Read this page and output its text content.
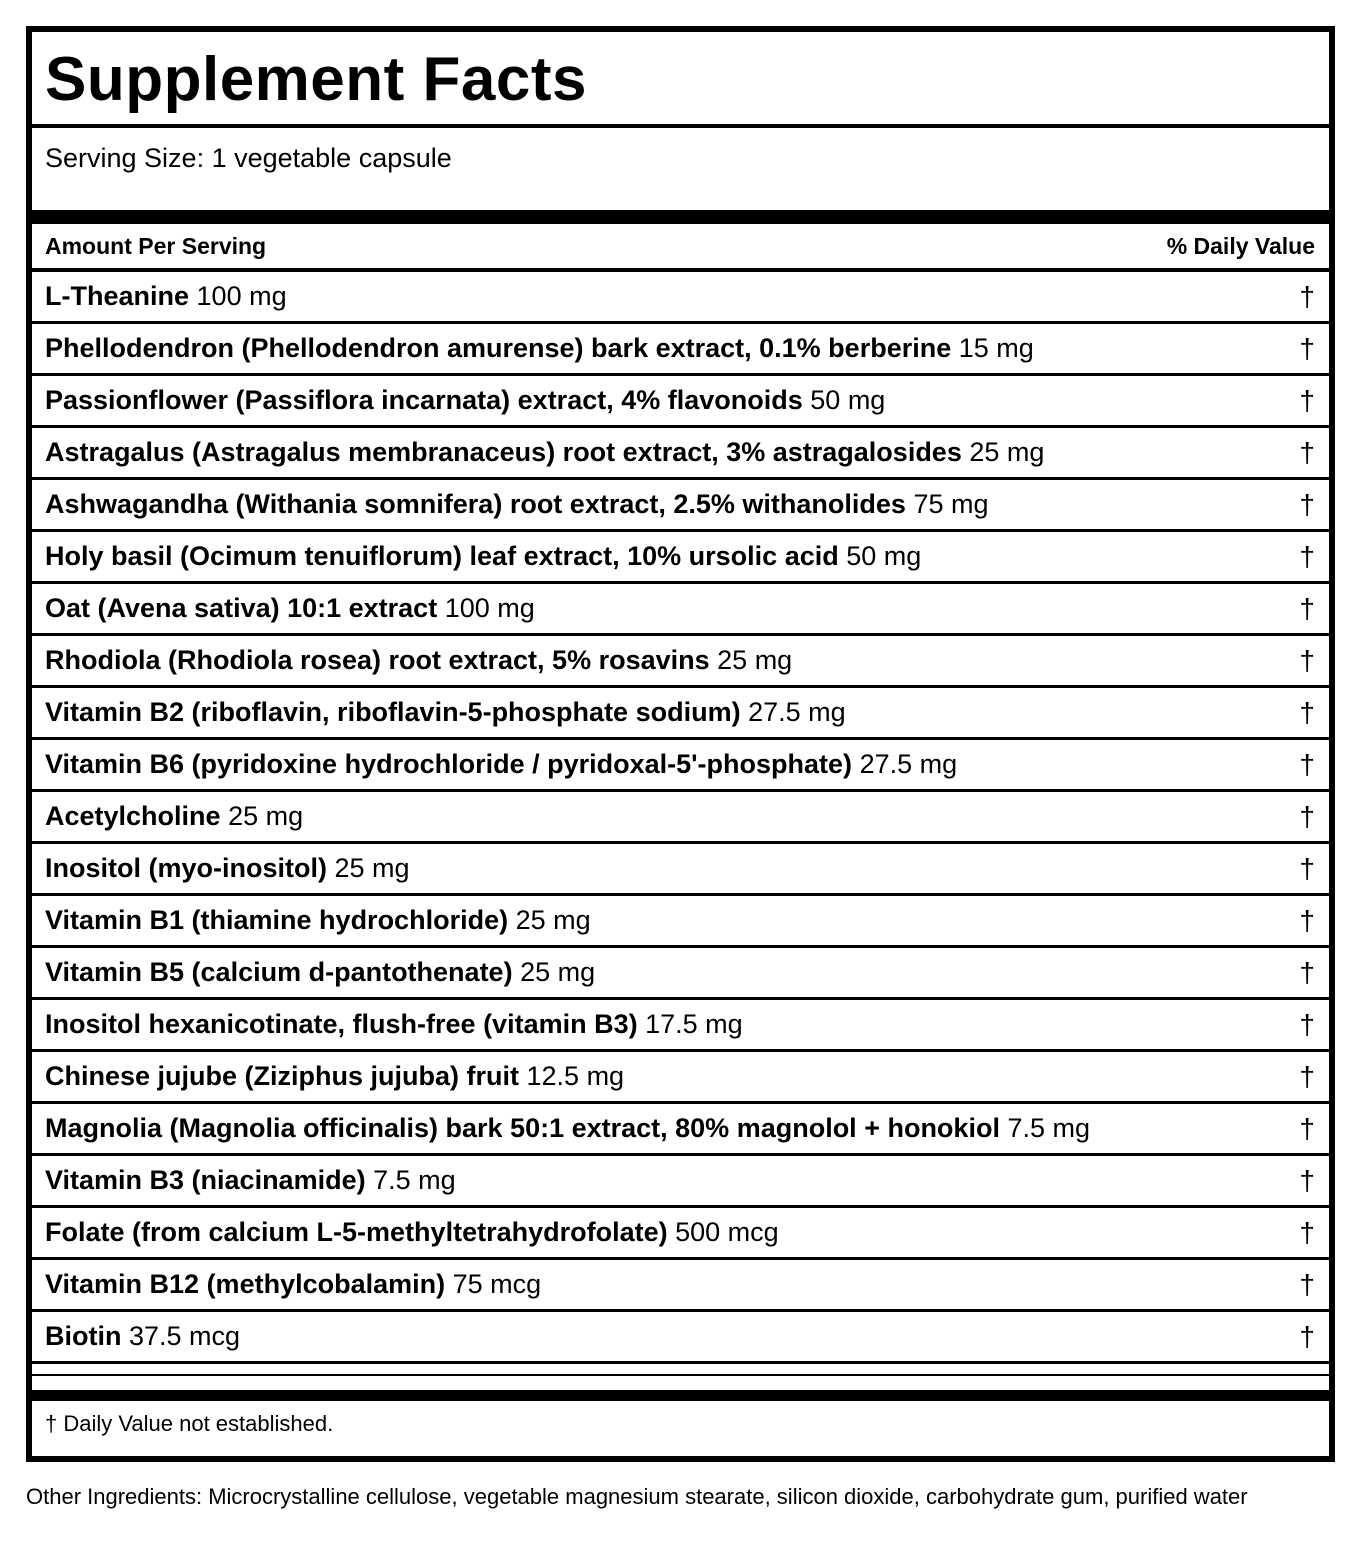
Supplement Facts
Serving Size: 1 vegetable capsule
Amount Per Serving	% Daily Value
L-Theanine 100 mg	†
Phellodendron (Phellodendron amurense) bark extract, 0.1% berberine 15 mg	†
Passionflower (Passiflora incarnata) extract, 4% flavonoids 50 mg	†
Astragalus (Astragalus membranaceus) root extract, 3% astragalosides 25 mg	†
Ashwagandha (Withania somnifera) root extract, 2.5% withanolides 75 mg	†
Holy basil (Ocimum tenuiflorum) leaf extract, 10% ursolic acid 50 mg	†
Oat (Avena sativa) 10:1 extract 100 mg	†
Rhodiola (Rhodiola rosea) root extract, 5% rosavins 25 mg	†
Vitamin B2 (riboflavin, riboflavin-5-phosphate sodium) 27.5 mg	†
Vitamin B6 (pyridoxine hydrochloride / pyridoxal-5'-phosphate) 27.5 mg	†
Acetylcholine 25 mg	†
Inositol (myo-inositol) 25 mg	†
Vitamin B1 (thiamine hydrochloride) 25 mg	†
Vitamin B5 (calcium d-pantothenate) 25 mg	†
Inositol hexanicotinate, flush-free (vitamin B3) 17.5 mg	†
Chinese jujube (Ziziphus jujuba) fruit 12.5 mg	†
Magnolia (Magnolia officinalis) bark 50:1 extract, 80% magnolol + honokiol 7.5 mg	†
Vitamin B3 (niacinamide) 7.5 mg	†
Folate (from calcium L-5-methyltetrahydrofolate) 500 mcg	†
Vitamin B12 (methylcobalamin) 75 mcg	†
Biotin 37.5 mcg	†
† Daily Value not established.
Other Ingredients: Microcrystalline cellulose, vegetable magnesium stearate, silicon dioxide, carbohydrate gum, purified water
